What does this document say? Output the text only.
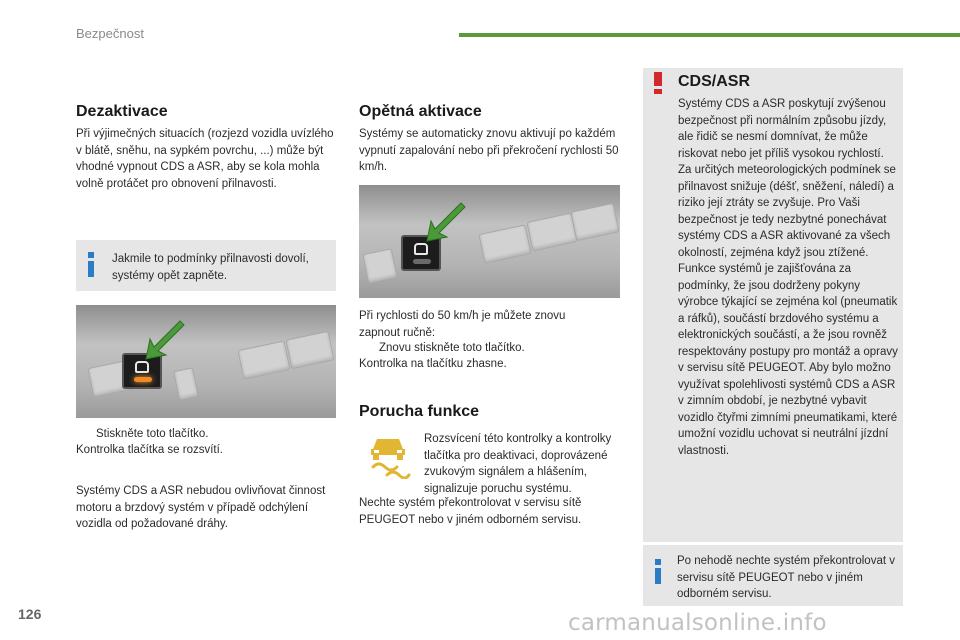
Bezpečnost
Dezaktivace
Při výjimečných situacích (rozjezd vozidla uvízlého v blátě, sněhu, na sypkém povrchu, ...) může být vhodné vypnout CDS a ASR, aby se kola mohla volně protáčet pro obnovení přilnavosti.
Jakmile to podmínky přilnavosti dovolí, systémy opět zapněte.
Stiskněte toto tlačítko.
Kontrolka tlačítka se rozsvítí.
Systémy CDS a ASR nebudou ovlivňovat činnost motoru a brzdový systém v případě odchýlení vozidla od požadované dráhy.
Opětná aktivace
Systémy se automaticky znovu aktivují po každém vypnutí zapalování nebo při překročení rychlosti 50 km/h.
Při rychlosti do 50 km/h je můžete znovu zapnout ručně:
Znovu stiskněte toto tlačítko.
Kontrolka na tlačítku zhasne.
Porucha funkce
Rozsvícení této kontrolky a kontrolky tlačítka pro deaktivaci, doprovázené zvukovým signálem a hlášením, signalizuje poruchu systému.
Nechte systém překontrolovat v servisu sítě PEUGEOT nebo v jiném odborném servisu.
CDS/ASR
Systémy CDS a ASR poskytují zvýšenou bezpečnost při normálním způsobu jízdy, ale řidič se nesmí domnívat, že může riskovat nebo jet příliš vysokou rychlostí. Za určitých meteorologických podmínek se přilnavost snižuje (déšť, sněžení, náledí) a riziko její ztráty se zvyšuje. Pro Vaši bezpečnost je tedy nezbytné ponechávat systémy CDS a ASR aktivované za všech okolností, zejména když jsou ztížené. Funkce systémů je zajišťována za podmínky, že jsou dodrženy pokyny výrobce týkající se zejména kol (pneumatik a ráfků), součástí brzdového systému a elektronických součástí, a že jsou rovněž respektovány postupy pro montáž a opravy v servisu sítě PEUGEOT. Aby bylo možno využívat spolehlivosti systémů CDS a ASR v zimním období, je nezbytné vybavit vozidlo čtyřmi zimními pneumatikami, které umožní vozidlu uchovat si neutrální jízdní vlastnosti.
Po nehodě nechte systém překontrolovat v servisu sítě PEUGEOT nebo v jiném odborném servisu.
126	carmanualsonline.info
